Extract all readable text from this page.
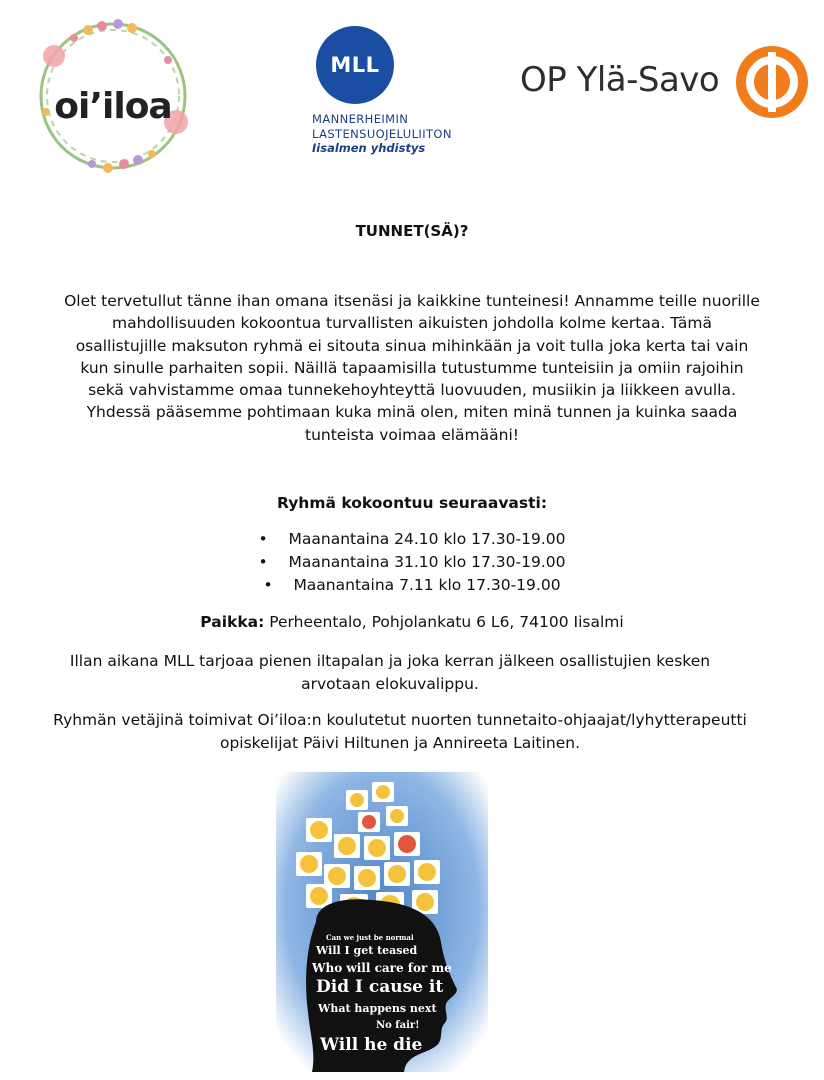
oi’iloa
MLL
MANNERHEIMIN
LASTENSUOJELULIITON
Iisalmen yhdistys
OP Ylä-Savo
TUNNET(SÄ)?
Olet tervetullut tänne ihan omana itsenäsi ja kaikkine tunteinesi! Annamme teille nuorille
mahdollisuuden kokoontua turvallisten aikuisten johdolla kolme kertaa. Tämä
osallistujille maksuton ryhmä ei sitouta sinua mihinkään ja voit tulla joka kerta tai vain
kun sinulle parhaiten sopii. Näillä tapaamisilla tutustumme tunteisiin ja omiin rajoihin
sekä vahvistamme omaa tunnekehoyhteyttä luovuuden, musiikin ja liikkeen avulla.
Yhdessä pääsemme pohtimaan kuka minä olen, miten minä tunnen ja kuinka saada
tunteista voimaa elämääni!
Ryhmä kokoontuu seuraavasti:
• Maanantaina 24.10 klo 17.30-19.00
• Maanantaina 31.10 klo 17.30-19.00
• Maanantaina 7.11 klo 17.30-19.00
Paikka: Perheentalo, Pohjolankatu 6 L6, 74100 Iisalmi
Illan aikana MLL tarjoaa pienen iltapalan ja joka kerran jälkeen osallistujien kesken
arvotaan elokuvalippu.
Ryhmän vetäjinä toimivat Oi’iloa:n koulutetut nuorten tunnetaito-ohjaajat/lyhytterapeutti
opiskelijat Päivi Hiltunen ja Annireeta Laitinen.
Can we just be normal
Will I get teased
Who will care for me
Did I cause it
What happens next
No fair!
Will he die
